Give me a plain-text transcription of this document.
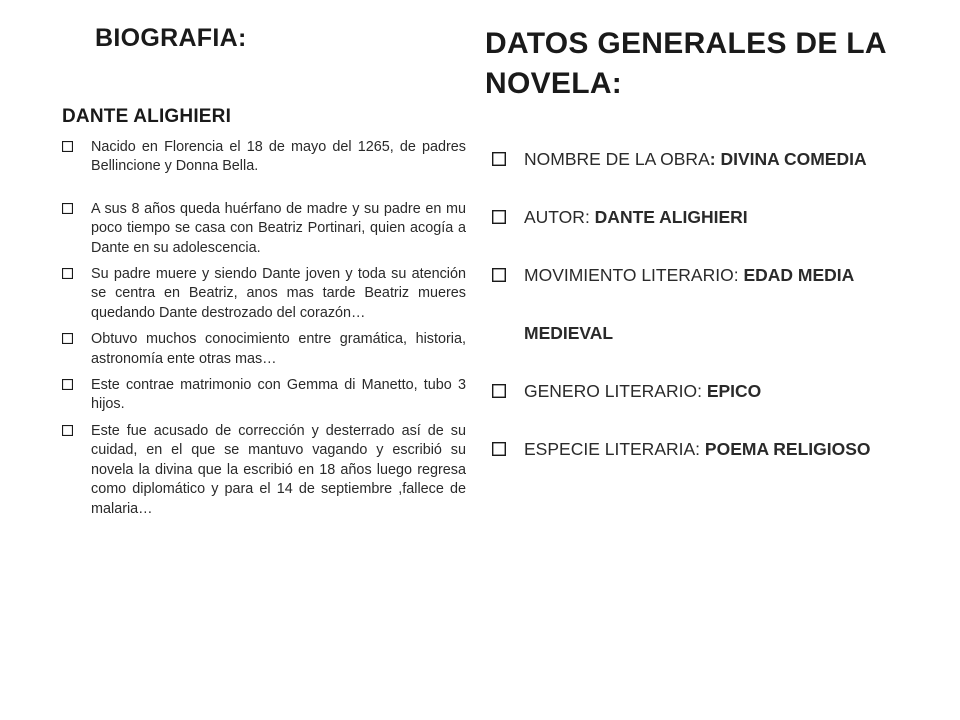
BIOGRAFIA:
DANTE ALIGHIERI
Nacido en Florencia el 18 de mayo del 1265, de padres Bellincione y Donna Bella.
A sus 8 años queda huérfano de madre y su padre en mu poco tiempo se casa con Beatriz Portinari, quien acogía a Dante en su adolescencia.
Su padre muere y siendo Dante joven y toda su atención se centra en Beatriz, anos mas tarde Beatriz mueres quedando Dante destrozado del corazón…
Obtuvo muchos conocimiento entre gramática, historia, astronomía ente otras mas…
Este contrae matrimonio con Gemma di Manetto, tubo 3 hijos.
Este fue acusado de corrección y desterrado así de su cuidad, en el que se mantuvo vagando y escribió su novela la divina que la escribió en 18 años luego regresa como diplomático y para el 14 de septiembre ,fallece de malaria…
DATOS GENERALES DE LA NOVELA:
NOMBRE DE LA OBRA: DIVINA COMEDIA
AUTOR: DANTE ALIGHIERI
MOVIMIENTO LITERARIO: EDAD MEDIA MEDIEVAL
GENERO LITERARIO: EPICO
ESPECIE LITERARIA: POEMA RELIGIOSO
